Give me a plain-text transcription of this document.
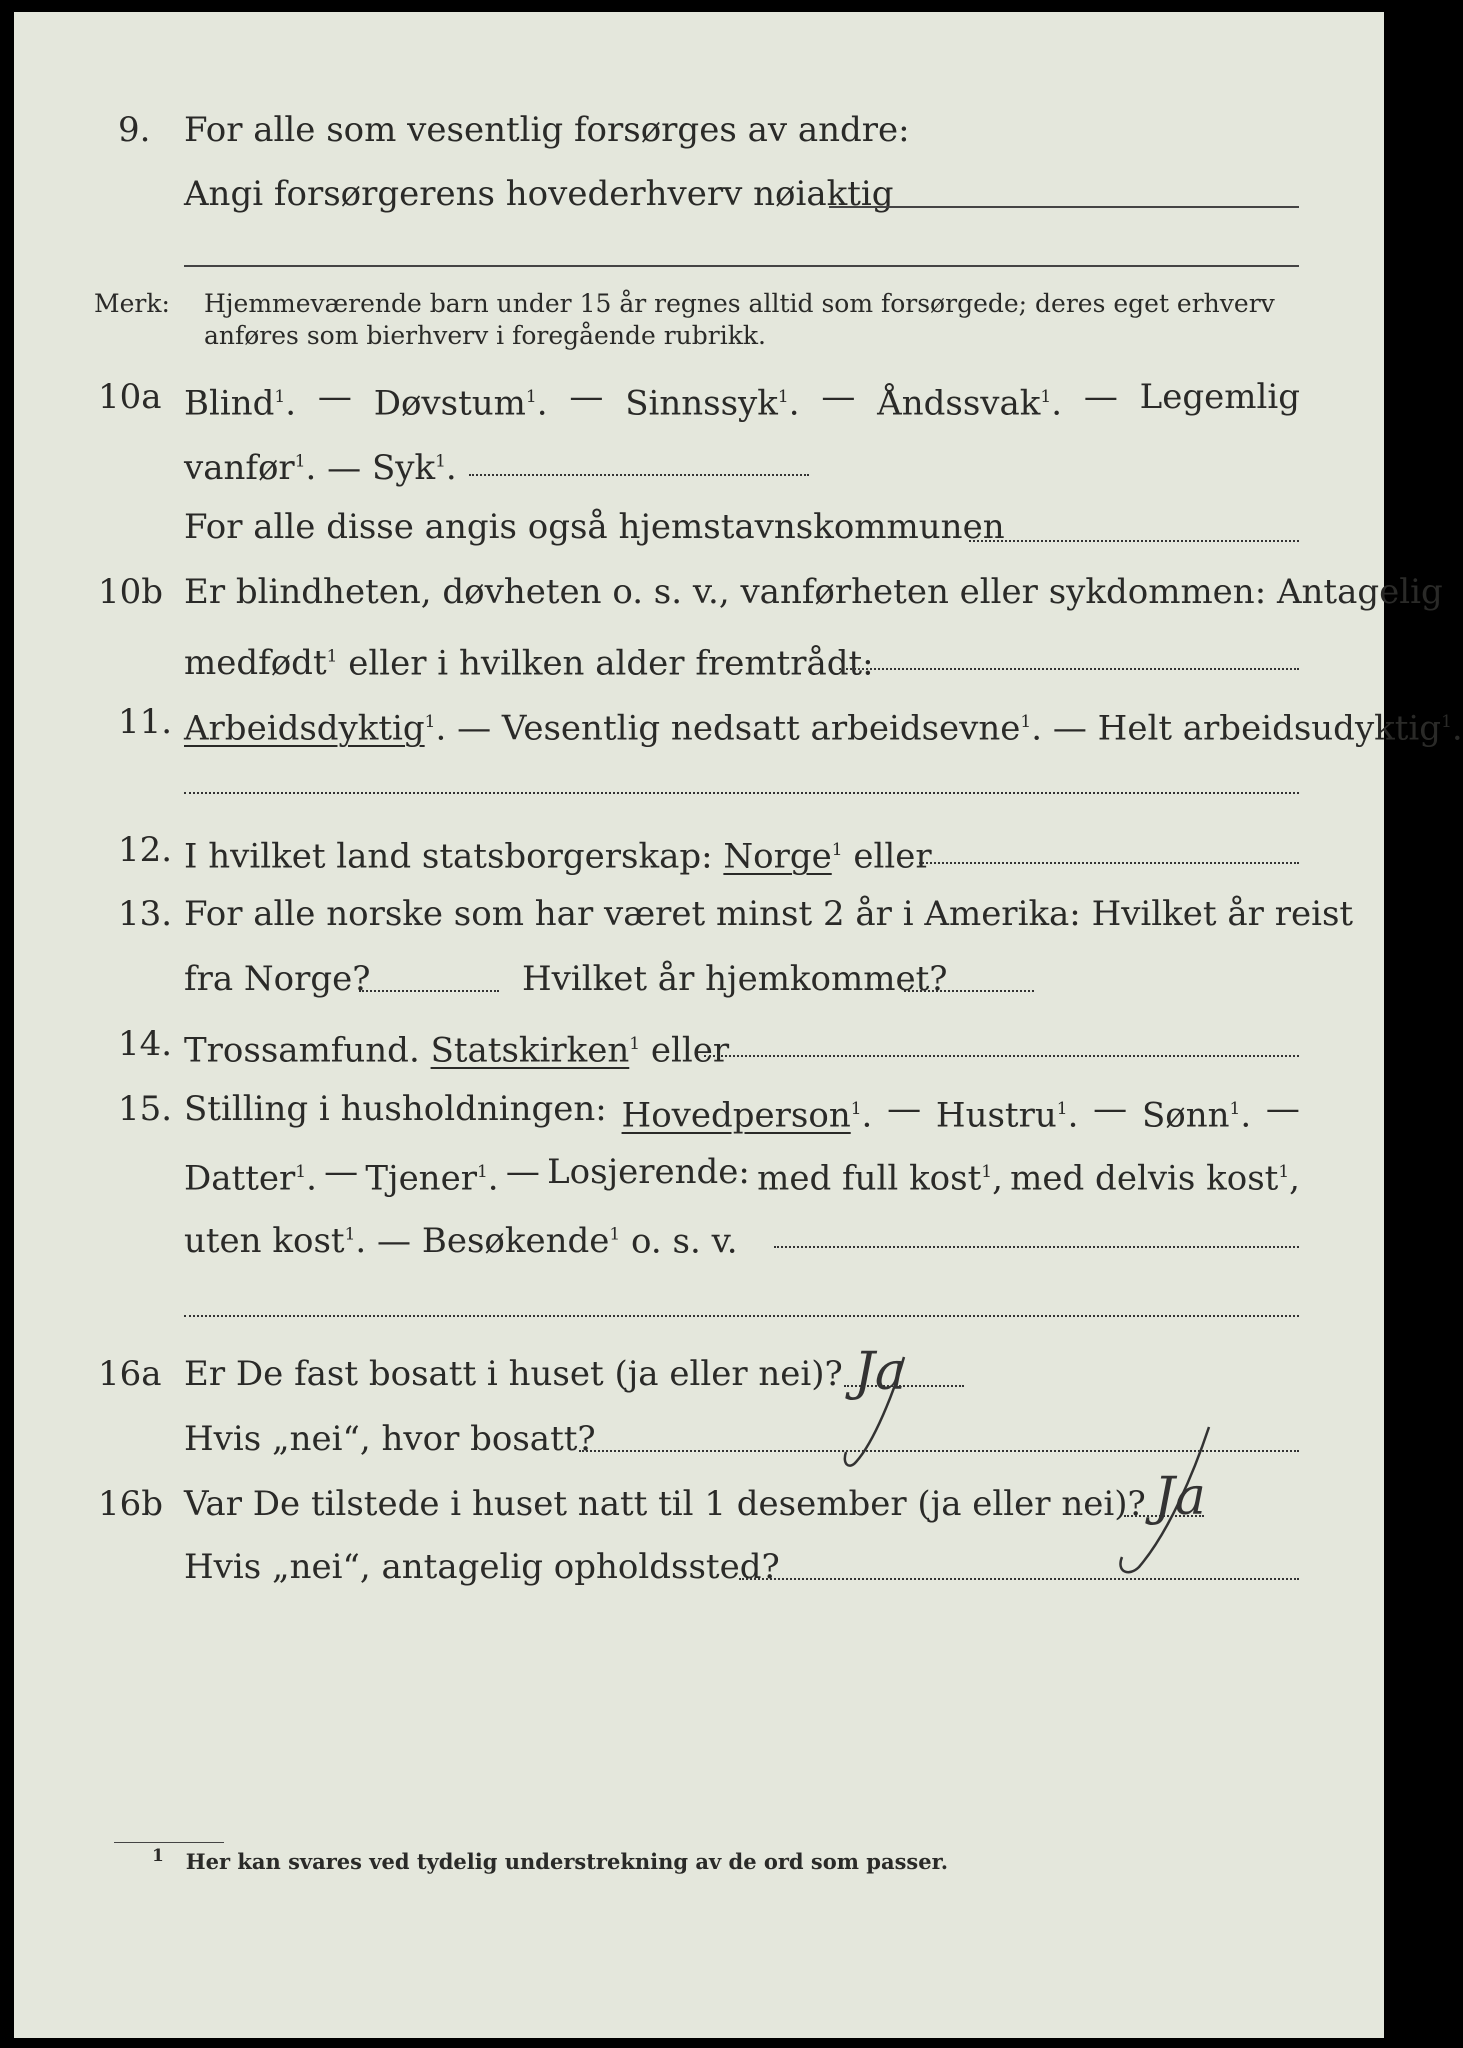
9. For alle som vesentlig forsørges av andre:
Angi forsørgerens hovederhverv nøiaktig
Merk: Hjemmeværende barn under 15 år regnes alltid som forsørgede; deres eget erhverv
anføres som bierhverv i foregående rubrikk.
10a Blind$^1$. — Døvstum$^1$. — Sinnssyk$^1$. — Åndssvak$^1$. — Legemlig
vanfør$^1$. — Syk$^1$.
For alle disse angis også hjemstavnskommunen
10b Er blindheten, døvheten o. s. v., vanførheten eller sykdommen: Antagelig
medfødt$^1$ eller i hvilken alder fremtrådt:
11. Arbeidsdyktig$^1$. — Vesentlig nedsatt arbeidsevne$^1$. — Helt arbeidsudyktig$^1$.
12. I hvilket land statsborgerskap: Norge$^1$ eller
13. For alle norske som har været minst 2 år i Amerika: Hvilket år reist
fra Norge?	Hvilket år hjemkommet?
14. Trossamfund. Statskirken$^1$ eller
15. Stilling i husholdningen: Hovedperson$^1$. — Hustru$^1$. — Sønn$^1$. —
Datter$^1$. — Tjener$^1$. — Losjerende: med full kost$^1$, med delvis kost$^1$,
uten kost$^1$. — Besøkende$^1$ o. s. v.
16a Er De fast bosatt i huset (ja eller nei)? Ja
Hvis „nei“, hvor bosatt?
16b Var De tilstede i huset natt til 1 desember (ja eller nei)? Ja
Hvis „nei“, antagelig opholdssted?
$^1$ Her kan svares ved tydelig understrekning av de ord som passer.
